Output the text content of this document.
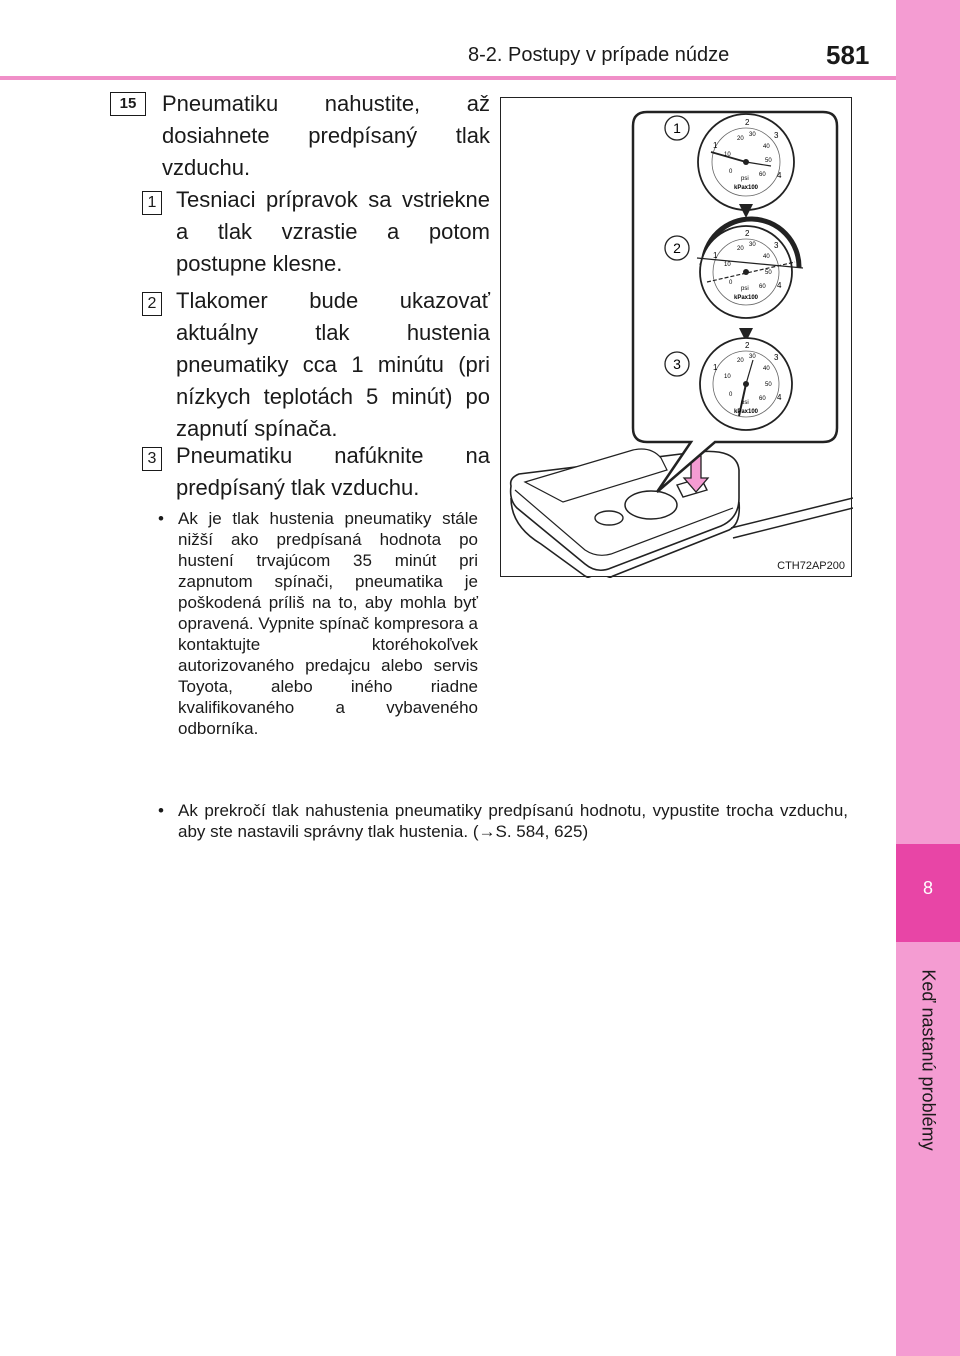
8-2. Postupy v prípade núdze	581
8
Keď nastanú problémy
15	Pneumatiku nahustite, až dosiahnete predpísaný tlak vzduchu.
1 Tesniaci prípravok sa vstriekne a tlak vzrastie a potom postupne klesne.
2 Tlakomer bude ukazovať aktuálny tlak hustenia pneumatiky cca 1 minútu (pri nízkych teplotách 5 minút) po zapnutí spínača.
3 Pneumatiku nafúknite na predpísaný tlak vzduchu.
• Ak je tlak hustenia pneumatiky stále nižší ako predpísaná hodnota po hustení trvajúcom 35 minút pri zapnutom spínači, pneumatika je poškodená príliš na to, aby mohla byť opravená. Vypnite spínač kompresora a kontaktujte ktoréhokoľvek autorizovaného predajcu alebo servis Toyota, alebo iného riadne kvalifikovaného a vybaveného odborníka.
• Ak prekročí tlak nahustenia pneumatiky predpísanú hodnotu, vypustite trocha vzduchu, aby ste nastavili správny tlak hustenia. (→S. 584, 625)
2
3
1
4
20
30
40
50
60
10
0
psi
kPax100
2
3
1
4
20
30
40
50
60
10
0
psi
kPax100
2
3
1
4
20
30
40
50
60
10
0
psi
kPax100
1
2
3
CTH72AP200
